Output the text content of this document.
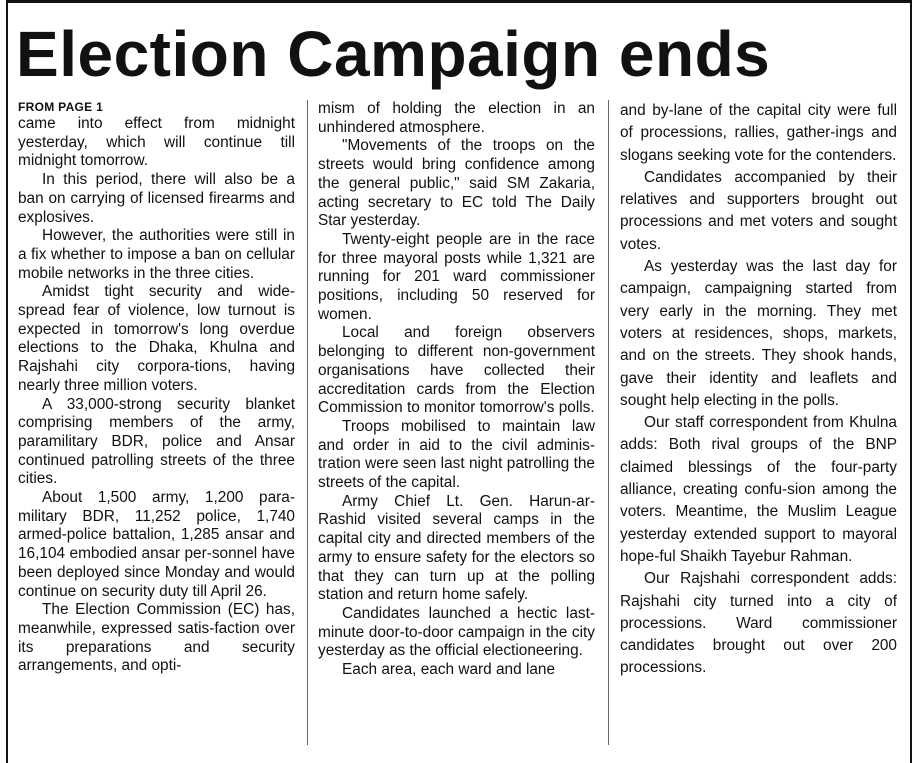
Election Campaign ends
FROM PAGE 1

came into effect from midnight yesterday, which will continue till midnight tomorrow.

In this period, there will also be a ban on carrying of licensed firearms and explosives.

However, the authorities were still in a fix whether to impose a ban on cellular mobile networks in the three cities.

Amidst tight security and wide-spread fear of violence, low turnout is expected in tomorrow's long overdue elections to the Dhaka, Khulna and Rajshahi city corpora-tions, having nearly three million voters.

A 33,000-strong security blanket comprising members of the army, paramilitary BDR, police and Ansar continued patrolling streets of the three cities.

About 1,500 army, 1,200 para-military BDR, 11,252 police, 1,740 armed-police battalion, 1,285 ansar and 16,104 embodied ansar per-sonnel have been deployed since Monday and would continue on security duty till April 26.

The Election Commission (EC) has, meanwhile, expressed satis-faction over its preparations and security arrangements, and opti-

mism of holding the election in an unhindered atmosphere.

"Movements of the troops on the streets would bring confidence among the general public," said SM Zakaria, acting secretary to EC told The Daily Star yesterday.

Twenty-eight people are in the race for three mayoral posts while 1,321 are running for 201 ward commissioner positions, including 50 reserved for women.

Local and foreign observers belonging to different non-government organisations have collected their accreditation cards from the Election Commission to monitor tomorrow's polls.

Troops mobilised to maintain law and order in aid to the civil adminis-tration were seen last night patrolling the streets of the capital.

Army Chief Lt. Gen. Harun-ar-Rashid visited several camps in the capital city and directed members of the army to ensure safety for the electors so that they can turn up at the polling station and return home safely.

Candidates launched a hectic last-minute door-to-door campaign in the city yesterday as the official electioneering.

Each area, each ward and lane

and by-lane of the capital city were full of processions, rallies, gather-ings and slogans seeking vote for the contenders.

Candidates accompanied by their relatives and supporters brought out processions and met voters and sought votes.

As yesterday was the last day for campaign, campaigning started from very early in the morning. They met voters at residences, shops, markets, and on the streets. They shook hands, gave their identity and leaflets and sought help electing in the polls.

Our staff correspondent from Khulna adds: Both rival groups of the BNP claimed blessings of the four-party alliance, creating confu-sion among the voters. Meantime, the Muslim League yesterday extended support to mayoral hope-ful Shaikh Tayebur Rahman.

Our Rajshahi correspondent adds: Rajshahi city turned into a city of processions. Ward commissioner candidates brought out over 200 processions.
